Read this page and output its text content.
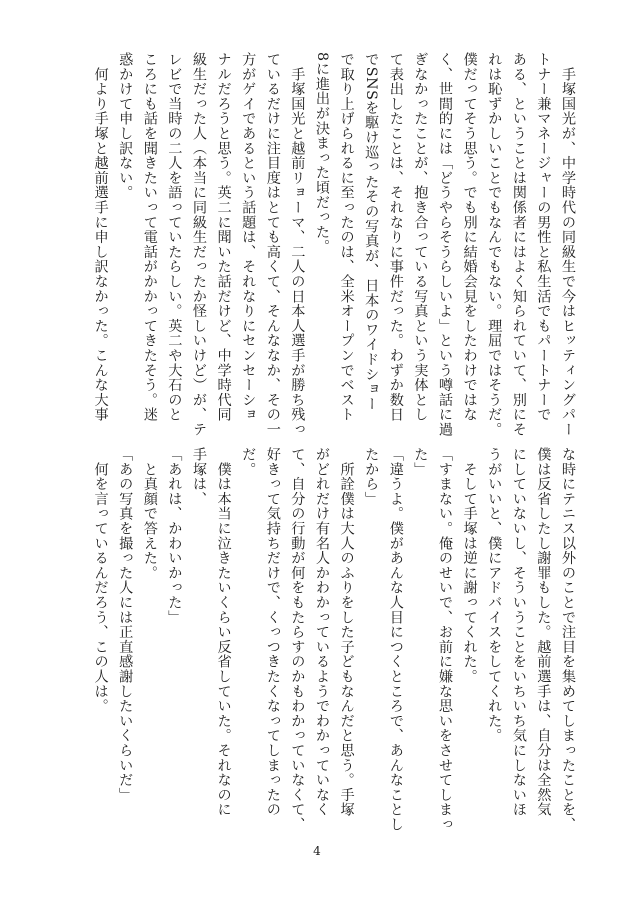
　手塚国光が、中学時代の同級生で今はヒッティングパー
トナー兼マネージャーの男性と私生活でもパートナーで
ある、ということは関係者にはよく知られていて、別にそ
れは恥ずかしいことでもなんでもない。理屈ではそうだ。
僕だってそう思う。でも別に結婚会見をしたわけではな
く、世間的には「どうやらそうらしいよ」という噂話に過
ぎなかったことが、抱き合っている写真という実体とし
て表出したことは、それなりに事件だった。わずか数日
でSNSを駆け巡ったその写真が、日本のワイドショー
で取り上げられるに至ったのは、全米オープンでベスト
8に進出が決まった頃だった。
　手塚国光と越前リョーマ、二人の日本人選手が勝ち残っ
ているだけに注目度はとても高くて、そんななか、その一
方がゲイであるという話題は、それなりにセンセーショ
ナルだろうと思う。英二に聞いた話だけど、中学時代同
級生だった人（本当に同級生だったか怪しいけど）が、テ
レビで当時の二人を語っていたらしい。英二や大石のと
ころにも話を聞きたいって電話がかかってきたそう。迷
惑かけて申し訳ない。
　何より手塚と越前選手に申し訳なかった。こんな大事
な時にテニス以外のことで注目を集めてしまったことを、
僕は反省したし謝罪もした。越前選手は、自分は全然気
にしていないし、そういうことをいちいち気にしないほ
うがいいと、僕にアドバイスをしてくれた。
　そして手塚は逆に謝ってくれた。
「すまない。俺のせいで、お前に嫌な思いをさせてしまっ
た」
「違うよ。僕があんな人目につくところで、あんなことし
たから」
　所詮僕は大人のふりをした子どもなんだと思う。手塚
がどれだけ有名人かわかっているようでわかっていなく
て、自分の行動が何をもたらすのかもわかっていなくて、
好きって気持ちだけで、くっつきたくなってしまったの
だ。
　僕は本当に泣きたいくらい反省していた。それなのに
手塚は、
「あれは、かわいかった」
　と真顔で答えた。
「あの写真を撮った人には正直感謝したいくらいだ」
　何を言っているんだろう、この人は。
4
